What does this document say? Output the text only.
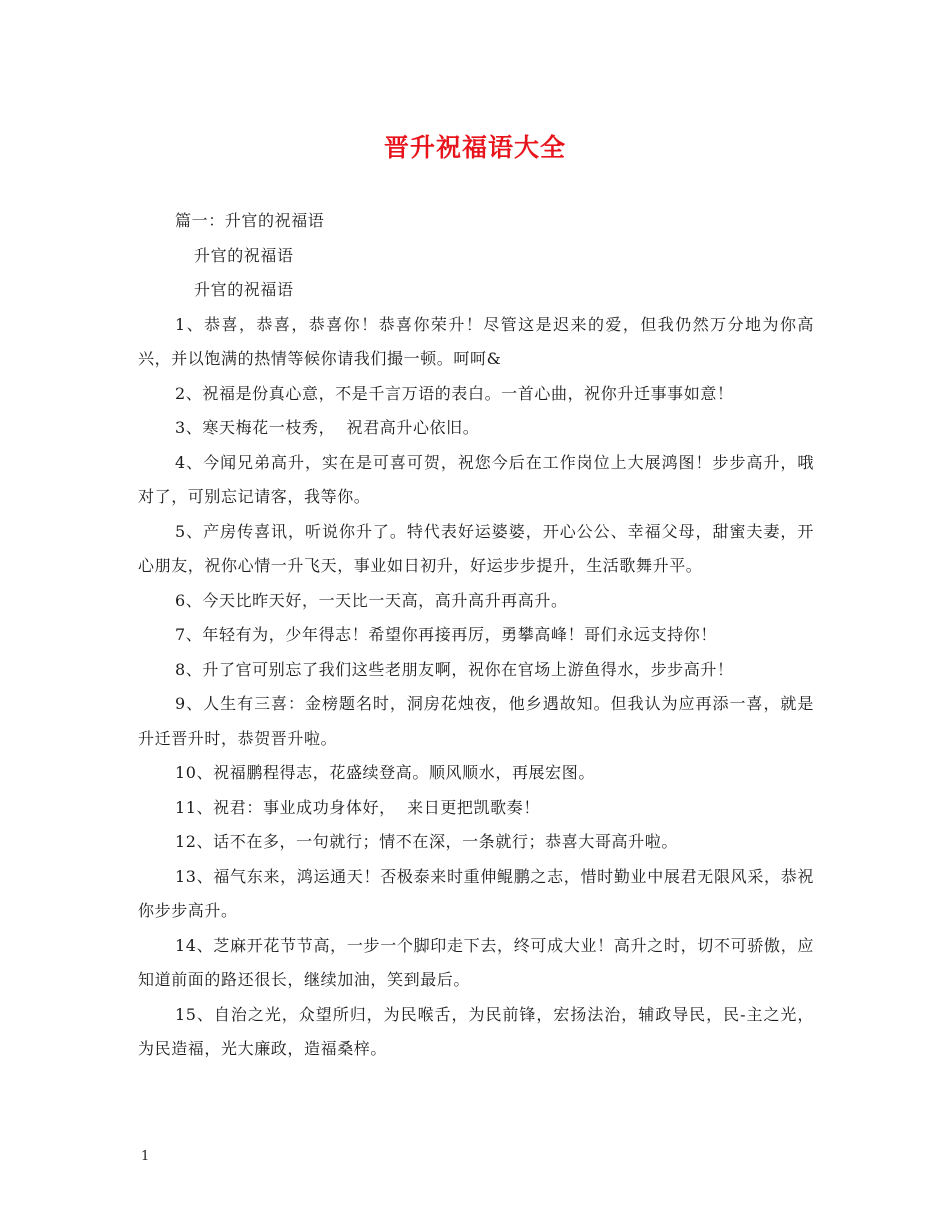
晋升祝福语大全

篇一：升官的祝福语

升官的祝福语

升官的祝福语

1、恭喜，恭喜，恭喜你！恭喜你荣升！尽管这是迟来的爱，但我仍然万分地为你高兴，并以饱满的热情等候你请我们撮一顿。呵呵&

2、祝福是份真心意，不是千言万语的表白。一首心曲，祝你升迁事事如意！

3、寒天梅花一枝秀，  祝君高升心依旧。

4、今闻兄弟高升，实在是可喜可贺，祝您今后在工作岗位上大展鸿图！步步高升，哦对了，可别忘记请客，我等你。

5、产房传喜讯，听说你升了。特代表好运婆婆，开心公公、幸福父母，甜蜜夫妻，开心朋友，祝你心情一升飞天，事业如日初升，好运步步提升，生活歌舞升平。

6、今天比昨天好，一天比一天高，高升高升再高升。

7、年轻有为，少年得志！希望你再接再厉，勇攀高峰！哥们永远支持你！

8、升了官可别忘了我们这些老朋友啊，祝你在官场上游鱼得水，步步高升！

9、人生有三喜：金榜题名时，洞房花烛夜，他乡遇故知。但我认为应再添一喜，就是升迁晋升时，恭贺晋升啦。

10、祝福鹏程得志，花盛续登高。顺风顺水，再展宏图。

11、祝君：事业成功身体好，  来日更把凯歌奏！

12、话不在多，一句就行；情不在深，一条就行；恭喜大哥高升啦。

13、福气东来，鸿运通天！否极泰来时重伸鲲鹏之志，惜时勤业中展君无限风采，恭祝你步步高升。

14、芝麻开花节节高，一步一个脚印走下去，终可成大业！高升之时，切不可骄傲，应知道前面的路还很长，继续加油，笑到最后。

15、自治之光，众望所归，为民喉舌，为民前锋，宏扬法治，辅政导民，民-主之光，为民造福，光大廉政，造福桑梓。

1
